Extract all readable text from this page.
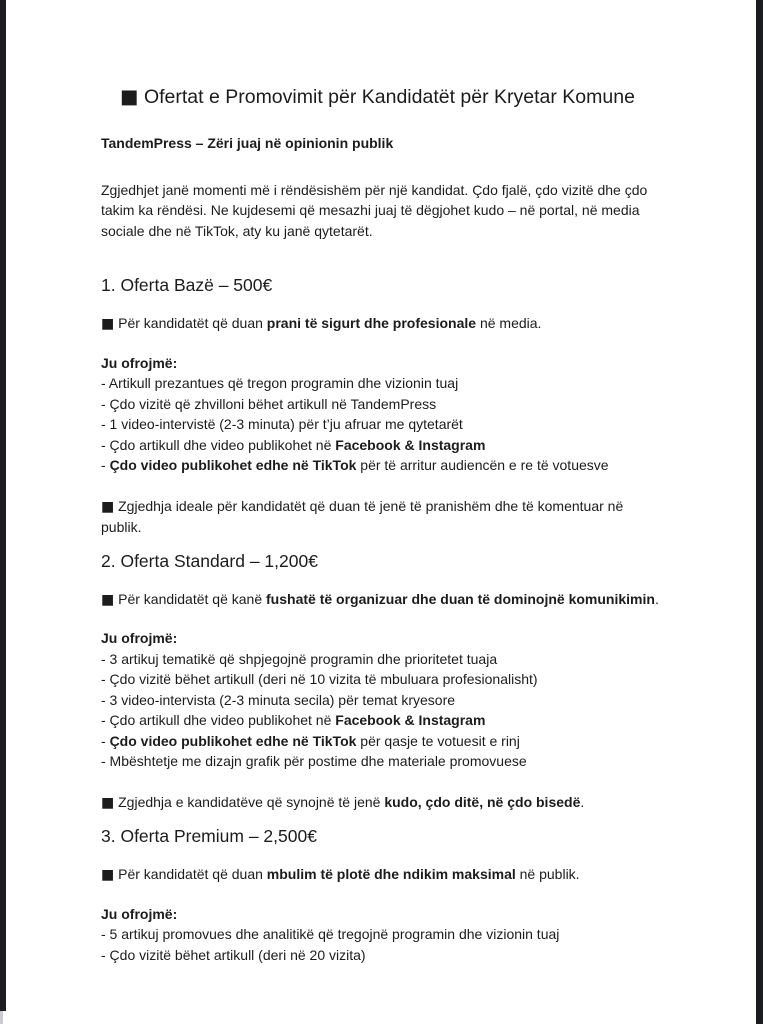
■ Ofertat e Promovimit për Kandidatët për Kryetar Komune

TandemPress – Zëri juaj në opinionin publik

Zgjedhjet janë momenti më i rëndësishëm për një kandidat. Çdo fjalë, çdo vizitë dhe çdo takim ka rëndësi. Ne kujdesemi që mesazhi juaj të dëgjohet kudo – në portal, në media sociale dhe në TikTok, aty ku janë qytetarët.

1. Oferta Bazë – 500€

■ Për kandidatët që duan prani të sigurt dhe profesionale në media.

Ju ofrojmë:

- Artikull prezantues që tregon programin dhe vizionin tuaj

- Çdo vizitë që zhvilloni bëhet artikull në TandemPress

- 1 video-intervistë (2-3 minuta) për t’ju afruar me qytetarët

- Çdo artikull dhe video publikohet në Facebook & Instagram

- Çdo video publikohet edhe në TikTok për të arritur audiencën e re të votuesve

■ Zgjedhja ideale për kandidatët që duan të jenë të pranishëm dhe të komentuar në publik.

2. Oferta Standard – 1,200€

■ Për kandidatët që kanë fushatë të organizuar dhe duan të dominojnë komunikimin.

Ju ofrojmë:

- 3 artikuj tematikë që shpjegojnë programin dhe prioritetet tuaja

- Çdo vizitë bëhet artikull (deri në 10 vizita të mbuluara profesionalisht)

- 3 video-intervista (2-3 minuta secila) për temat kryesore

- Çdo artikull dhe video publikohet në Facebook & Instagram

- Çdo video publikohet edhe në TikTok për qasje te votuesit e rinj

- Mbështetje me dizajn grafik për postime dhe materiale promovuese

■ Zgjedhja e kandidatëve që synojnë të jenë kudo, çdo ditë, në çdo bisedë.

3. Oferta Premium – 2,500€

■ Për kandidatët që duan mbulim të plotë dhe ndikim maksimal në publik.

Ju ofrojmë:

- 5 artikuj promovues dhe analitikë që tregojnë programin dhe vizionin tuaj

- Çdo vizitë bëhet artikull (deri në 20 vizita)
